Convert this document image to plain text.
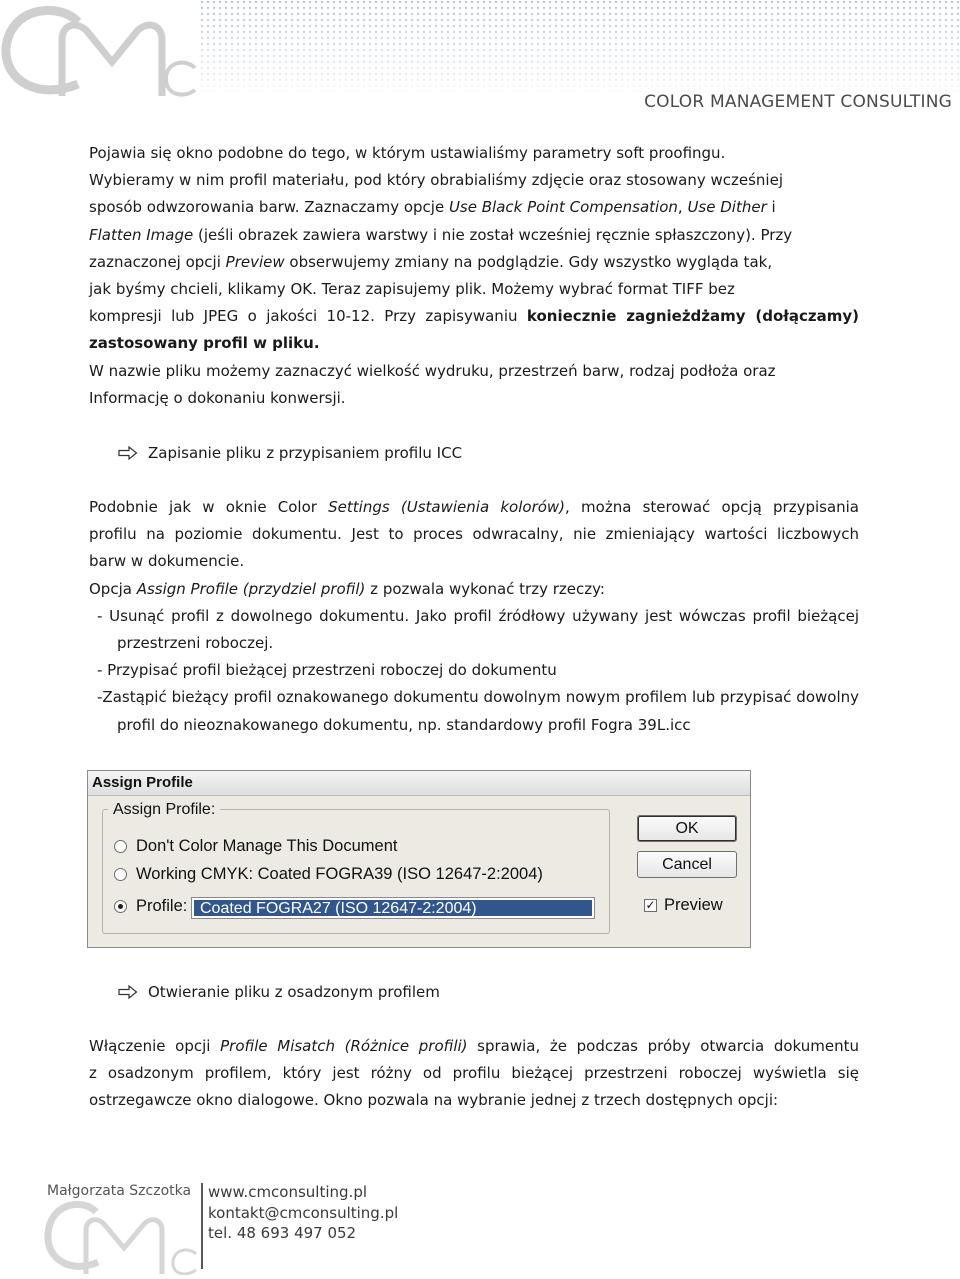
COLOR MANAGEMENT CONSULTING

Pojawia się okno podobne do tego, w którym ustawialiśmy parametry soft proofingu.

Wybieramy w nim profil materiału, pod który obrabialiśmy zdjęcie oraz stosowany wcześniej

sposób odwzorowania barw. Zaznaczamy opcje Use Black Point Compensation, Use Dither i

Flatten Image (jeśli obrazek zawiera warstwy i nie został wcześniej ręcznie spłaszczony). Przy

zaznaczonej opcji Preview obserwujemy zmiany na podglądzie. Gdy wszystko wygląda tak,

jak byśmy chcieli, klikamy OK. Teraz zapisujemy plik. Możemy wybrać format TIFF bez

kompresji lub JPEG o jakości 10-12. Przy zapisywaniu koniecznie zagnieżdżamy (dołączamy)

zastosowany profil w pliku.

W nazwie pliku możemy zaznaczyć wielkość wydruku, przestrzeń barw, rodzaj podłoża oraz

Informację o dokonaniu konwersji.

Zapisanie pliku z przypisaniem profilu ICC

Podobnie jak w oknie Color Settings (Ustawienia kolorów), można sterować opcją przypisania

profilu na poziomie dokumentu. Jest to proces odwracalny, nie zmieniający wartości liczbowych

barw w dokumencie.

Opcja Assign Profile (przydziel profil) z pozwala wykonać trzy rzeczy:

- Usunąć profil z dowolnego dokumentu. Jako profil źródłowy używany jest wówczas profil bieżącej przestrzeni roboczej.

- Przypisać profil bieżącej przestrzeni roboczej do dokumentu

-Zastąpić bieżący profil oznakowanego dokumentu dowolnym nowym profilem lub przypisać dowolny profil do nieoznakowanego dokumentu, np. standardowy profil Fogra 39L.icc

Assign Profile
Assign Profile:
Don't Color Manage This Document
Working CMYK: Coated FOGRA39 (ISO 12647-2:2004)
Profile: Coated FOGRA27 (ISO 12647-2:2004)
OK
Cancel
✓ Preview
Otwieranie pliku z osadzonym profilem

Włączenie opcji Profile Misatch (Różnice profili) sprawia, że podczas próby otwarcia dokumentu

z osadzonym profilem, który jest różny od profilu bieżącej przestrzeni roboczej wyświetla się

ostrzegawcze okno dialogowe. Okno pozwala na wybranie jednej z trzech dostępnych opcji:

Małgorzata Szczotka www.cmconsulting.pl
kontakt@cmconsulting.pl
tel. 48 693 497 052
